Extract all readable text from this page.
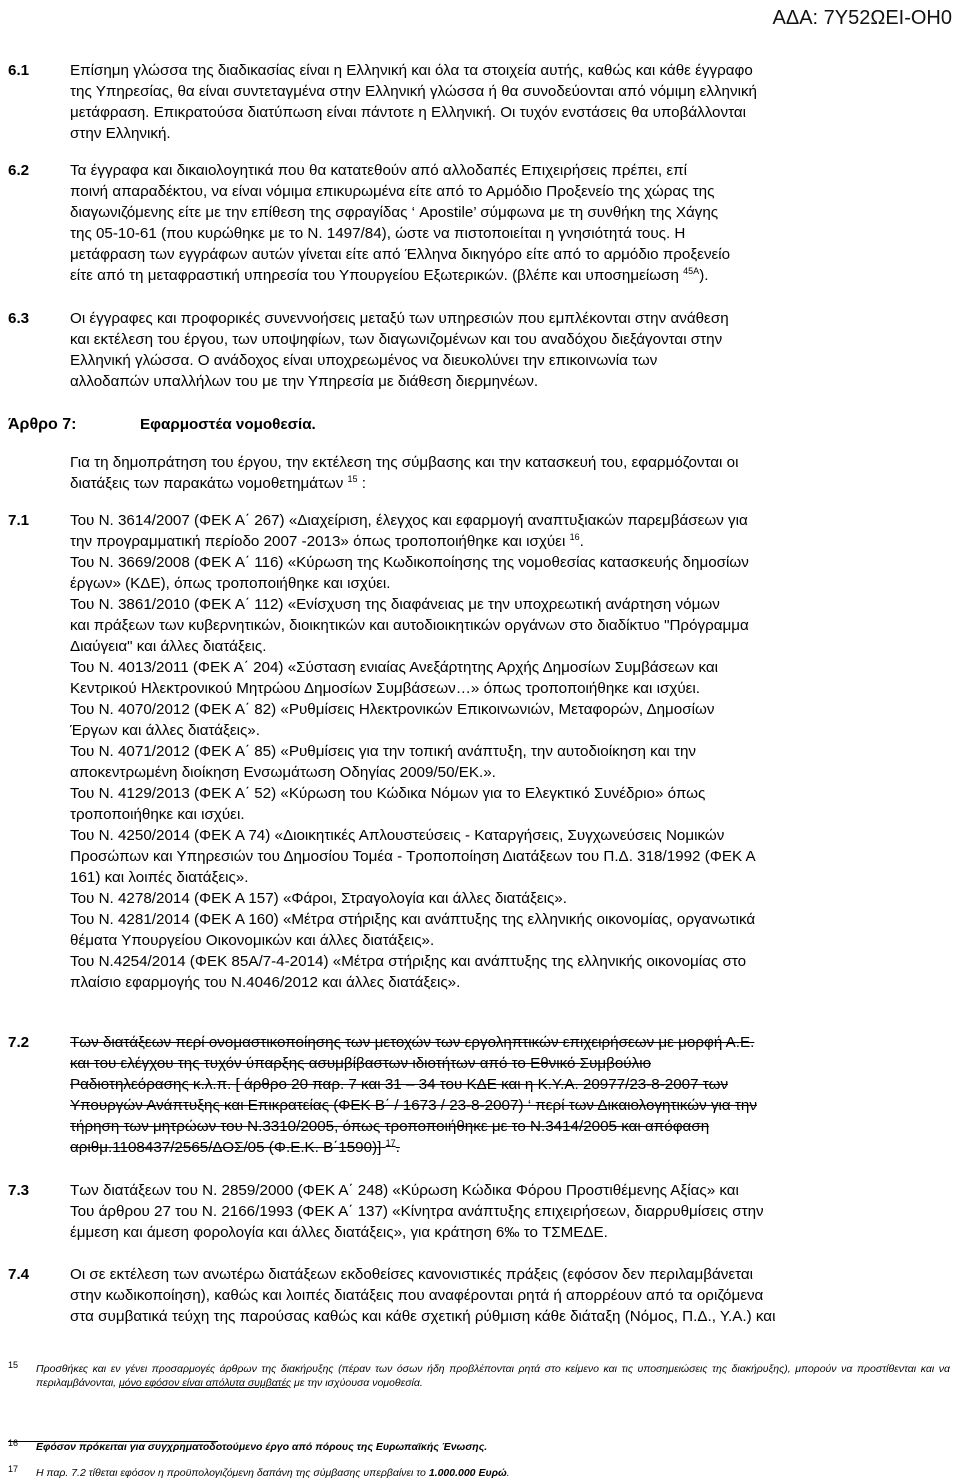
ΑΔΑ: 7Υ52ΩΕΙ-ΟΗ0
6.1	Επίσημη γλώσσα της διαδικασίας είναι η Ελληνική και όλα τα στοιχεία αυτής, καθώς και κάθε έγγραφο

της Υπηρεσίας, θα είναι συντεταγμένα στην Ελληνική γλώσσα ή θα συνοδεύονται από νόμιμη ελληνική

μετάφραση. Επικρατούσα διατύπωση είναι πάντοτε η Ελληνική. Οι τυχόν ενστάσεις θα υποβάλλονται

στην Ελληνική.

6.2	Τα έγγραφα και δικαιολογητικά που θα κατατεθούν από αλλοδαπές Επιχειρήσεις πρέπει, επί

ποινή απαραδέκτου, να είναι νόμιμα επικυρωμένα είτε από το Αρμόδιο Προξενείο της χώρας της

διαγωνιζόμενης είτε με την επίθεση της σφραγίδας ‘ Apostile’ σύμφωνα με τη συνθήκη της Χάγης

της 05-10-61 (που κυρώθηκε με το Ν. 1497/84), ώστε να πιστοποιείται η γνησιότητά τους. Η

μετάφραση των εγγράφων αυτών γίνεται είτε από Έλληνα δικηγόρο είτε από το αρμόδιο προξενείο

είτε από τη μεταφραστική υπηρεσία του Υπουργείου Εξωτερικών. (βλέπε και υποσημείωση $^{45A}$).

6.3	Οι έγγραφες και προφορικές συνεννοήσεις μεταξύ των υπηρεσιών που εμπλέκονται στην ανάθεση

και εκτέλεση του έργου, των υποψηφίων, των διαγωνιζομένων και του αναδόχου διεξάγονται στην

Ελληνική γλώσσα. Ο ανάδοχος είναι υποχρεωμένος να διευκολύνει την επικοινωνία των

αλλοδαπών υπαλλήλων του με την Υπηρεσία με διάθεση διερμηνέων.

Άρθρο 7:	Εφαρμοστέα νομοθεσία.

Για τη δημοπράτηση του έργου, την εκτέλεση της σύμβασης και την κατασκευή του, εφαρμόζονται οι

διατάξεις των παρακάτω νομοθετημάτων $^{15}$ :

7.1	Του Ν. 3614/2007 (ΦΕΚ Α΄ 267) «Διαχείριση, έλεγχος και εφαρμογή αναπτυξιακών παρεμβάσεων για

την προγραμματική περίοδο 2007 -2013» όπως τροποποιήθηκε και ισχύει $^{16}$.

Του Ν. 3669/2008 (ΦΕΚ Α΄ 116) «Κύρωση της Κωδικοποίησης της νομοθεσίας κατασκευής δημοσίων

έργων» (ΚΔΕ), όπως τροποποιήθηκε και ισχύει.

Του Ν. 3861/2010 (ΦΕΚ Α΄ 112) «Ενίσχυση της διαφάνειας με την υποχρεωτική ανάρτηση νόμων

και πράξεων των κυβερνητικών, διοικητικών και αυτοδιοικητικών οργάνων στο διαδίκτυο "Πρόγραμμα

Διαύγεια" και άλλες διατάξεις.

Του Ν. 4013/2011 (ΦΕΚ Α΄ 204) «Σύσταση ενιαίας Ανεξάρτητης Αρχής Δημοσίων Συμβάσεων και

Κεντρικού Ηλεκτρονικού Μητρώου Δημοσίων Συμβάσεων…» όπως τροποποιήθηκε και ισχύει.

Του Ν. 4070/2012 (ΦΕΚ Α΄ 82) «Ρυθμίσεις Ηλεκτρονικών Επικοινωνιών, Μεταφορών, Δημοσίων

Έργων και άλλες διατάξεις».

Του Ν. 4071/2012 (ΦΕΚ Α΄ 85) «Ρυθμίσεις για την τοπική ανάπτυξη, την αυτοδιοίκηση και την

αποκεντρωμένη διοίκηση Ενσωμάτωση Οδηγίας 2009/50/ΕΚ.».

Του Ν. 4129/2013 (ΦΕΚ Α΄ 52) «Κύρωση του Κώδικα Νόμων για το Ελεγκτικό Συνέδριο» όπως

τροποποιήθηκε και ισχύει.

Του Ν. 4250/2014 (ΦΕΚ Α 74) «Διοικητικές Απλουστεύσεις - Καταργήσεις, Συγχωνεύσεις Νομικών

Προσώπων και Υπηρεσιών του Δημοσίου Τομέα - Τροποποίηση Διατάξεων του Π.Δ. 318/1992 (ΦΕΚ Α

161) και λοιπές διατάξεις».

Του Ν. 4278/2014 (ΦΕΚ Α 157) «Φάροι, Στραγολογία και άλλες διατάξεις».

Του Ν. 4281/2014 (ΦΕΚ Α 160) «Μέτρα στήριξης και ανάπτυξης της ελληνικής οικονομίας, οργανωτικά

θέματα Υπουργείου Οικονομικών και άλλες διατάξεις».

Του Ν.4254/2014 (ΦΕΚ 85Α/7-4-2014) «Μέτρα στήριξης και ανάπτυξης της ελληνικής οικονομίας στο

πλαίσιο εφαρμογής του Ν.4046/2012 και άλλες διατάξεις».

7.2	Των διατάξεων περί ονομαστικοποίησης των μετοχών των εργοληπτικών επιχειρήσεων με μορφή Α.Ε.

και του ελέγχου της τυχόν ύπαρξης ασυμβίβαστων ιδιοτήτων από το Εθνικό Συμβούλιο

Ραδιοτηλεόρασης κ.λ.π. [ άρθρο 20 παρ. 7 και 31 – 34 του ΚΔΕ και η Κ.Υ.Α. 20977/23-8-2007 των

Υπουργών Ανάπτυξης και Επικρατείας (ΦΕΚ Β΄ / 1673 / 23-8-2007) ‘ περί των Δικαιολογητικών για την

τήρηση των μητρώων του Ν.3310/2005, όπως τροποποιήθηκε με το Ν.3414/2005 και απόφαση

αριθμ.1108437/2565/ΔΟΣ/05 (Φ.Ε.Κ. Β΄1590)] $^{17}$.

7.3	Των διατάξεων του Ν. 2859/2000 (ΦΕΚ Α΄ 248) «Κύρωση Κώδικα Φόρου Προστιθέμενης Αξίας» και

Του άρθρου 27 του Ν. 2166/1993 (ΦΕΚ Α΄ 137) «Κίνητρα ανάπτυξης επιχειρήσεων, διαρρυθμίσεις στην

έμμεση και άμεση φορολογία και άλλες διατάξεις», για κράτηση 6‰ το ΤΣΜΕΔΕ.

7.4	Οι σε εκτέλεση των ανωτέρω διατάξεων εκδοθείσες κανονιστικές πράξεις (εφόσον δεν περιλαμβάνεται

στην κωδικοποίηση), καθώς και λοιπές διατάξεις που αναφέρονται ρητά ή απορρέουν από τα οριζόμενα

στα συμβατικά τεύχη της παρούσας καθώς και κάθε σχετική ρύθμιση κάθε διάταξη (Νόμος, Π.Δ., Υ.Α.) και

15 Προσθήκες και εν γένει προσαρμογές άρθρων της διακήρυξης (πέραν των όσων ήδη προβλέπονται ρητά στο κείμενο και τις υποσημειώσεις της διακήρυξης), μπορούν να προστίθενται και να περιλαμβάνονται, μόνο εφόσον είναι απόλυτα συμβατές με την ισχύουσα νομοθεσία.
16 Εφόσον πρόκειται για συγχρηματοδοτούμενο έργο από πόρους της Ευρωπαϊκής Ένωσης.
17 Η παρ. 7.2 τίθεται εφόσον η προϋπολογιζόμενη δαπάνη της σύμβασης υπερβαίνει το 1.000.000 Ευρώ.
